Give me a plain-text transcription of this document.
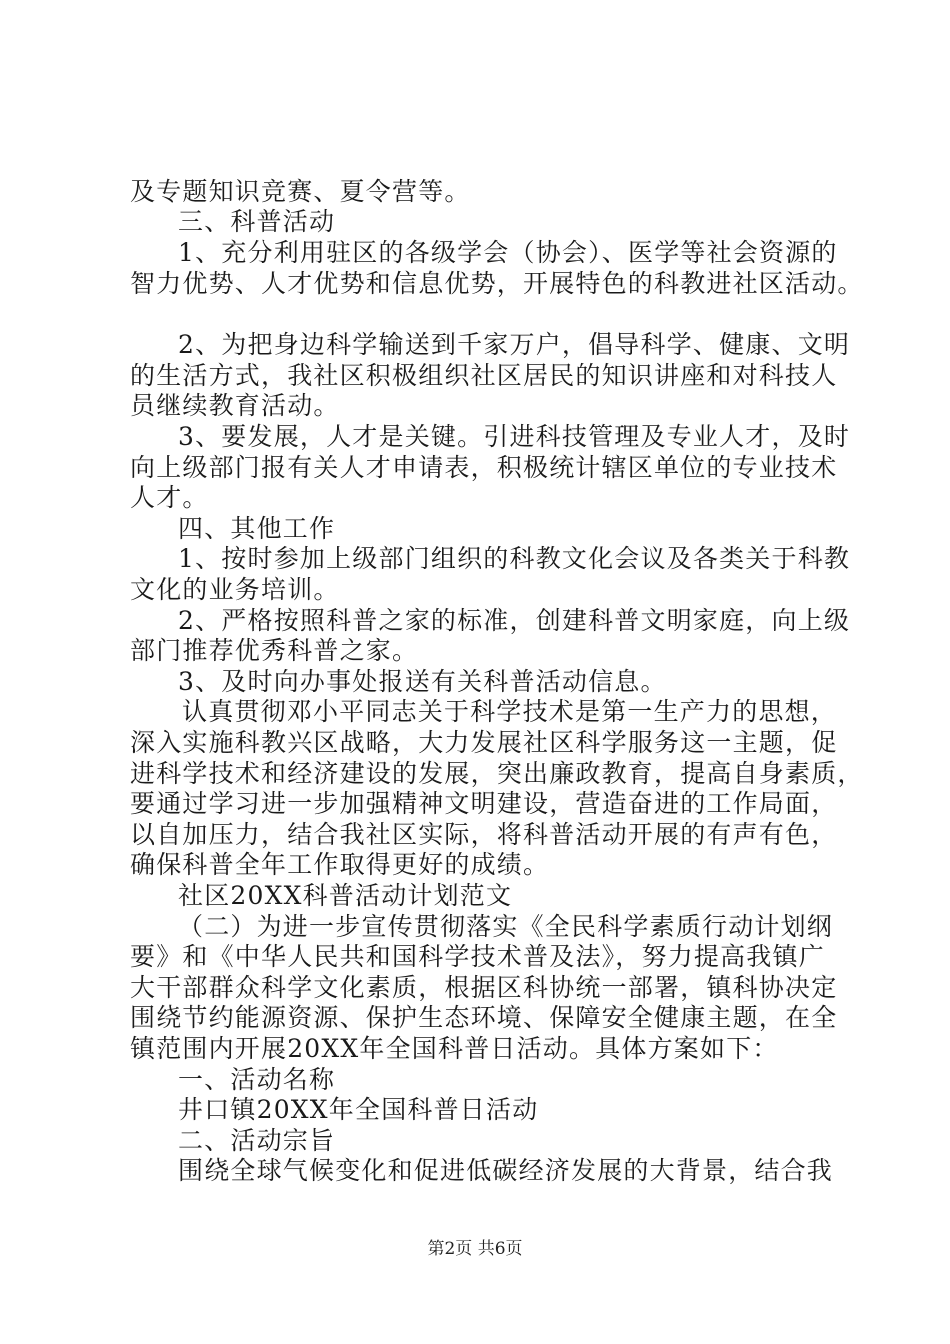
及专题知识竞赛、夏令营等。
三、科普活动
1、充分利用驻区的各级学会（协会）、医学等社会资源的
智力优势、人才优势和信息优势，开展特色的科教进社区活动。
2、为把身边科学输送到千家万户，倡导科学、健康、文明
的生活方式，我社区积极组织社区居民的知识讲座和对科技人
员继续教育活动。
3、要发展，人才是关键。引进科技管理及专业人才，及时
向上级部门报有关人才申请表，积极统计辖区单位的专业技术
人才。
四、其他工作
1、按时参加上级部门组织的科教文化会议及各类关于科教
文化的业务培训。
2、严格按照科普之家的标准，创建科普文明家庭，向上级
部门推荐优秀科普之家。
3、及时向办事处报送有关科普活动信息。
认真贯彻邓小平同志关于科学技术是第一生产力的思想，
深入实施科教兴区战略，大力发展社区科学服务这一主题，促
进科学技术和经济建设的发展，突出廉政教育，提高自身素质，
要通过学习进一步加强精神文明建设，营造奋进的工作局面，
以自加压力，结合我社区实际，将科普活动开展的有声有色，
确保科普全年工作取得更好的成绩。
社区20XX科普活动计划范文
（二）为进一步宣传贯彻落实《全民科学素质行动计划纲
要》和《中华人民共和国科学技术普及法》，努力提高我镇广
大干部群众科学文化素质，根据区科协统一部署，镇科协决定
围绕节约能源资源、保护生态环境、保障安全健康主题，在全
镇范围内开展20XX年全国科普日活动。具体方案如下：
一、活动名称
井口镇20XX年全国科普日活动
二、活动宗旨
围绕全球气候变化和促进低碳经济发展的大背景，结合我
第2页 共6页
